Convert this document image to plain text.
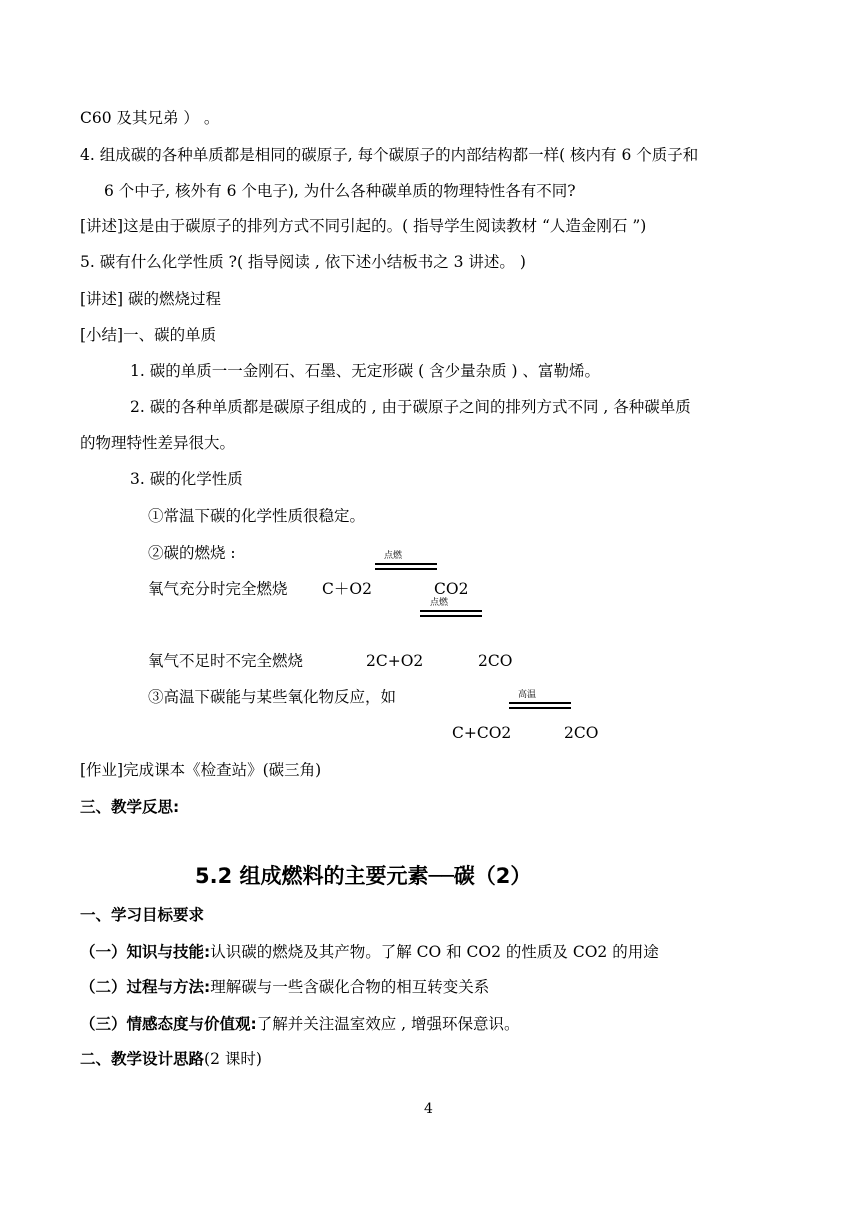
C60 及其兄弟 ） 。
4. 组成碳的各种单质都是相同的碳原子, 每个碳原子的内部结构都一样( 核内有 6 个质子和
6 个中子, 核外有 6 个电子), 为什么各种碳单质的物理特性各有不同?
[讲述]这是由于碳原子的排列方式不同引起的。( 指导学生阅读教材 “人造金刚石 ”)
5. 碳有什么化学性质 ?( 指导阅读 , 依下述小结板书之 3 讲述。 )
[讲述] 碳的燃烧过程
[小结]一、碳的单质
1. 碳的单质一一金刚石、石墨、无定形碳 ( 含少量杂质 ) 、富勒烯。
2. 碳的各种单质都是碳原子组成的 , 由于碳原子之间的排列方式不同 , 各种碳单质
的物理特性差异很大。
3. 碳的化学性质
①常温下碳的化学性质很稳定。
②碳的燃烧 :
氧气充分时完全燃烧 C＋O2
点燃
CO2
点燃
氧气不足时不完全燃烧	2C+O2	2CO
③高温下碳能与某些氧化物反应，如	高温
C+CO2	2CO
[作业]完成课本《检查站》(碳三角)
三、教学反思:
5.2 组成燃料的主要元素──碳（2）
一、学习目标要求
（一）知识与技能:认识碳的燃烧及其产物。了解 CO 和 CO2 的性质及 CO2 的用途
（二）过程与方法:理解碳与一些含碳化合物的相互转变关系
（三）情感态度与价值观:了解并关注温室效应 , 增强环保意识。
二、教学设计思路(2 课时)
4
